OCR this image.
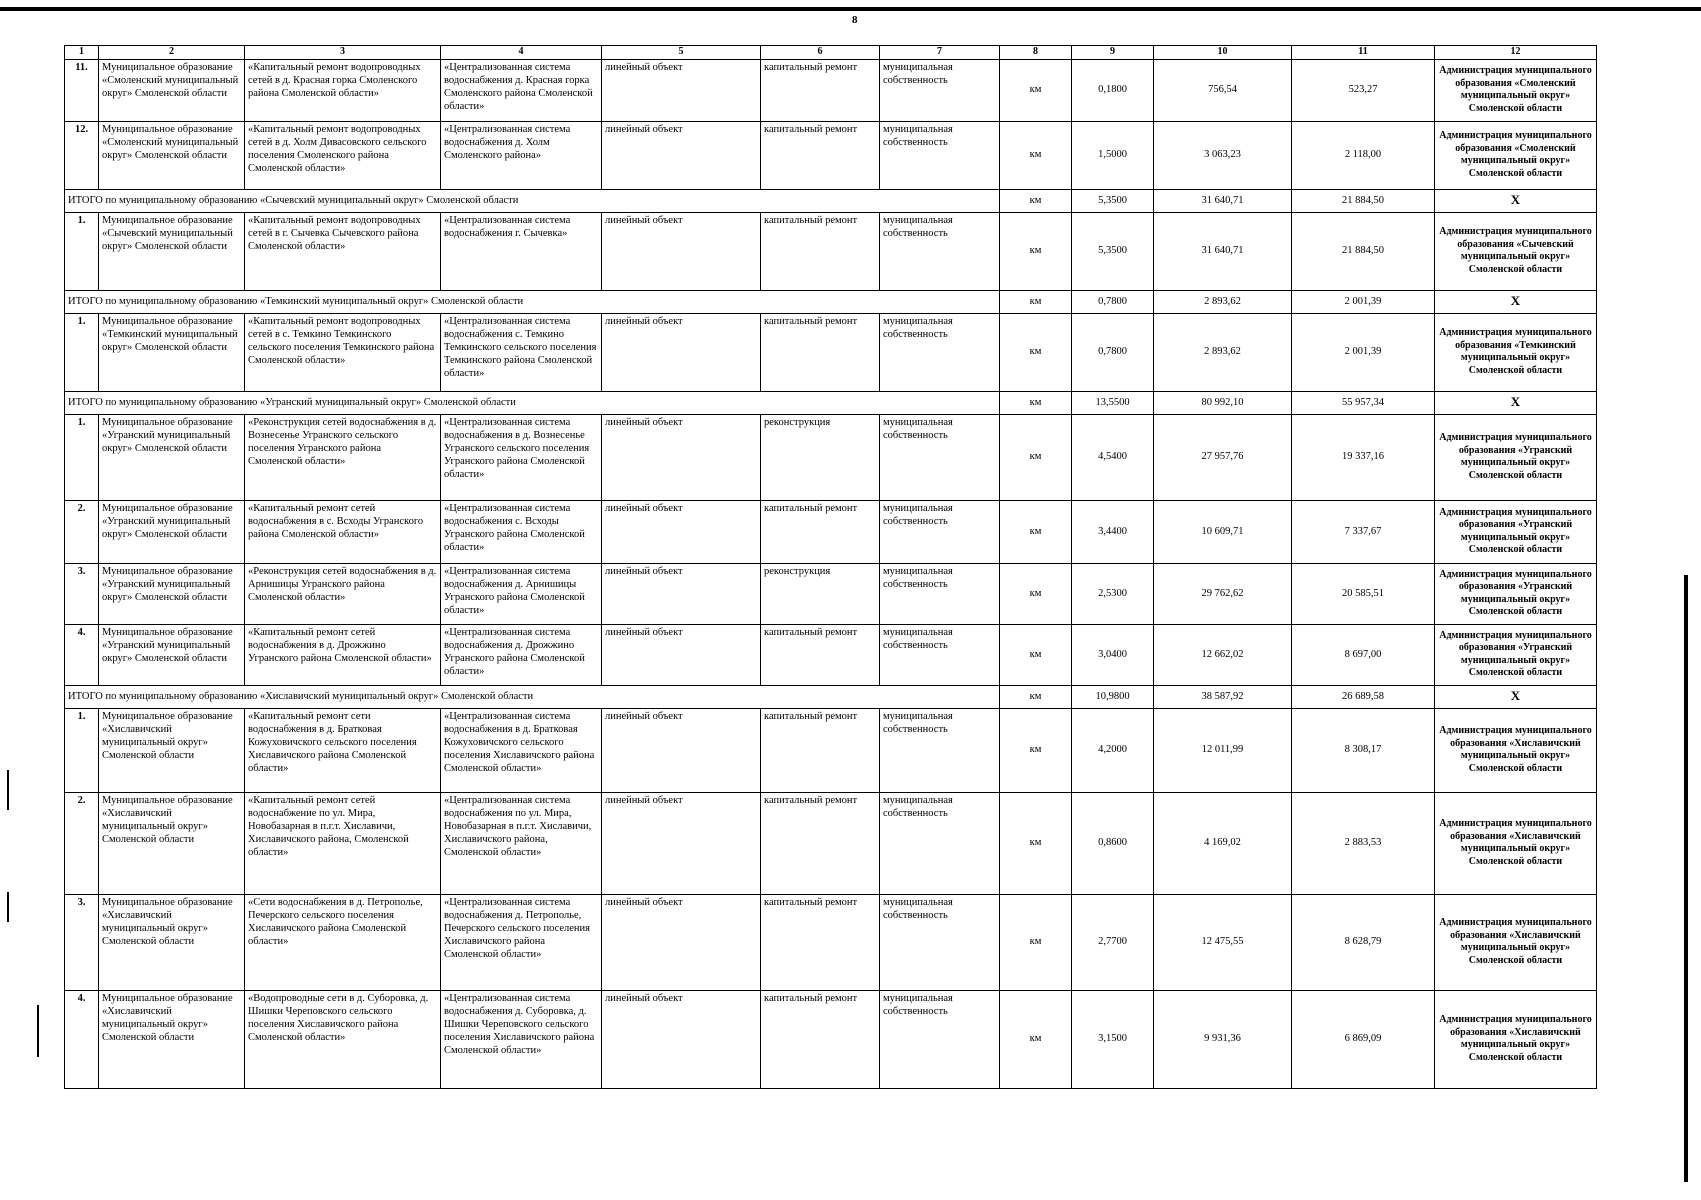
8
1	2	3	4	5	6	7	8	9	10	11	12
11.	Муниципальное образование «Смоленский муниципальный округ» Смоленской области	«Капитальный ремонт водопроводных сетей в д. Красная горка Смоленского района Смоленской области»	«Централизованная система водоснабжения д. Красная горка Смоленского района Смоленской области»	линейный объект	капитальный ремонт	муниципальная собственность	км	0,1800	756,54	523,27	Администрация муниципального образования «Смоленский муниципальный округ» Смоленской области
12.	Муниципальное образование «Смоленский муниципальный округ» Смоленской области	«Капитальный ремонт водопроводных сетей в д. Холм Дивасовского сельского поселения Смоленского района Смоленской области»	«Централизованная система водоснабжения д. Холм Смоленского района»	линейный объект	капитальный ремонт	муниципальная собственность	км	1,5000	3 063,23	2 118,00	Администрация муниципального образования «Смоленский муниципальный округ» Смоленской области
ИТОГО по муниципальному образованию «Сычевский муниципальный округ» Смоленской области							км	5,3500	31 640,71	21 884,50	Х
1.	Муниципальное образование «Сычевский муниципальный округ» Смоленской области	«Капитальный ремонт водопроводных сетей в г. Сычевка Сычевского района Смоленской области»	«Централизованная система водоснабжения г. Сычевка»	линейный объект	капитальный ремонт	муниципальная собственность	км	5,3500	31 640,71	21 884,50	Администрация муниципального образования «Сычевский муниципальный округ» Смоленской области
ИТОГО по муниципальному образованию «Темкинский муниципальный округ» Смоленской области							км	0,7800	2 893,62	2 001,39	Х
1.	Муниципальное образование «Темкинский муниципальный округ» Смоленской области	«Капитальный ремонт водопроводных сетей в с. Темкино Темкинского сельского поселения Темкинского района Смоленской области»	«Централизованная система водоснабжения с. Темкино Темкинского сельского поселения Темкинского района Смоленской области»	линейный объект	капитальный ремонт	муниципальная собственность	км	0,7800	2 893,62	2 001,39	Администрация муниципального образования «Темкинский муниципальный округ» Смоленской области
ИТОГО по муниципальному образованию «Угранский муниципальный округ» Смоленской области							км	13,5500	80 992,10	55 957,34	Х
1.	Муниципальное образование «Угранский муниципальный округ» Смоленской области	«Реконструкция сетей водоснабжения в д. Вознесенье Угранского сельского поселения Угранского района Смоленской области»	«Централизованная система водоснабжения в д. Вознесенье Угранского сельского поселения Угранского района Смоленской области»	линейный объект	реконструкция	муниципальная собственность	км	4,5400	27 957,76	19 337,16	Администрация муниципального образования «Угранский муниципальный округ» Смоленской области
2.	Муниципальное образование «Угранский муниципальный округ» Смоленской области	«Капитальный ремонт сетей водоснабжения в с. Всходы Угранского района Смоленской области»	«Централизованная система водоснабжения с. Всходы Угранского района Смоленской области»	линейный объект	капитальный ремонт	муниципальная собственность	км	3,4400	10 609,71	7 337,67	Администрация муниципального образования «Угранский муниципальный округ» Смоленской области
3.	Муниципальное образование «Угранский муниципальный округ» Смоленской области	«Реконструкция сетей водоснабжения в д. Арнишицы Угранского района Смоленской области»	«Централизованная система водоснабжения д. Арнишицы Угранского района Смоленской области»	линейный объект	реконструкция	муниципальная собственность	км	2,5300	29 762,62	20 585,51	Администрация муниципального образования «Угранский муниципальный округ» Смоленской области
4.	Муниципальное образование «Угранский муниципальный округ» Смоленской области	«Капитальный ремонт сетей водоснабжения в д. Дрожжино Угранского района Смоленской области»	«Централизованная система водоснабжения д. Дрожжино Угранского района Смоленской области»	линейный объект	капитальный ремонт	муниципальная собственность	км	3,0400	12 662,02	8 697,00	Администрация муниципального образования «Угранский муниципальный округ» Смоленской области
ИТОГО по муниципальному образованию «Хиславичский муниципальный округ» Смоленской области							км	10,9800	38 587,92	26 689,58	Х
1.	Муниципальное образование «Хиславичский муниципальный округ» Смоленской области	«Капитальный ремонт сети водоснабжения в д. Братковая Кожуховичского сельского поселения Хиславичского района Смоленской области»	«Централизованная система водоснабжения в д. Братковая Кожуховичского сельского поселения Хиславичского района Смоленской области»	линейный объект	капитальный ремонт	муниципальная собственность	км	4,2000	12 011,99	8 308,17	Администрация муниципального образования «Хиславичский муниципальный округ» Смоленской области
2.	Муниципальное образование «Хиславичский муниципальный округ» Смоленской области	«Капитальный ремонт сетей водоснабжение по ул. Мира, Новобазарная в п.г.т. Хиславичи, Хиславичского района, Смоленской области»	«Централизованная система водоснабжения по ул. Мира, Новобазарная в п.г.т. Хиславичи, Хиславичского района, Смоленской области»	линейный объект	капитальный ремонт	муниципальная собственность	км	0,8600	4 169,02	2 883,53	Администрация муниципального образования «Хиславичский муниципальный округ» Смоленской области
3.	Муниципальное образование «Хиславичский муниципальный округ» Смоленской области	«Сети водоснабжения в д. Петрополье, Печерского сельского поселения Хиславичского района Смоленской области»	«Централизованная система водоснабжения д. Петрополье, Печерского сельского поселения Хиславичского района Смоленской области»	линейный объект	капитальный ремонт	муниципальная собственность	км	2,7700	12 475,55	8 628,79	Администрация муниципального образования «Хиславичский муниципальный округ» Смоленской области
4.	Муниципальное образование «Хиславичский муниципальный округ» Смоленской области	«Водопроводные сети в д. Суборовка, д. Шишки Череповского сельского поселения Хиславичского района Смоленской области»	«Централизованная система водоснабжения д. Суборовка, д. Шишки Череповского сельского поселения Хиславичского района Смоленской области»	линейный объект	капитальный ремонт	муниципальная собственность	км	3,1500	9 931,36	6 869,09	Администрация муниципального образования «Хиславичский муниципальный округ» Смоленской области
